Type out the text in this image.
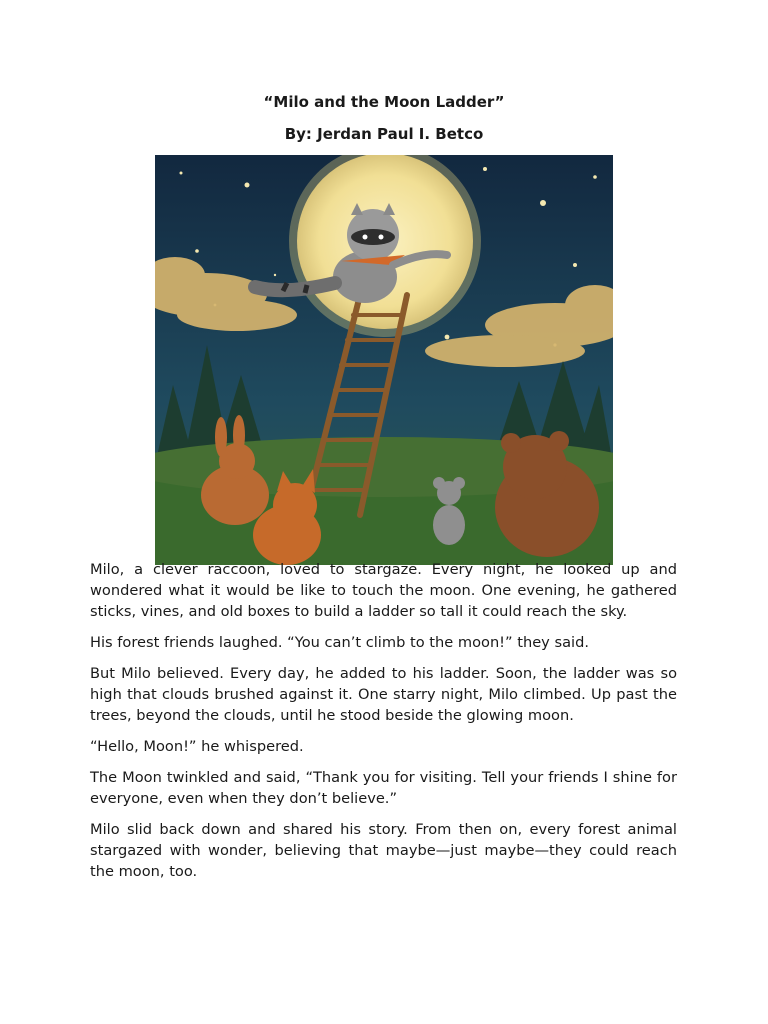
“Milo and the Moon Ladder”
By: Jerdan Paul I. Betco

Milo, a clever raccoon, loved to stargaze. Every night, he looked up and wondered what it would be like to touch the moon. One evening, he gathered sticks, vines, and old boxes to build a ladder so tall it could reach the sky.

His forest friends laughed. “You can’t climb to the moon!” they said.

But Milo believed. Every day, he added to his ladder. Soon, the ladder was so high that clouds brushed against it. One starry night, Milo climbed. Up past the trees, beyond the clouds, until he stood beside the glowing moon.

“Hello, Moon!” he whispered.

The Moon twinkled and said, “Thank you for visiting. Tell your friends I shine for everyone, even when they don’t believe.”

Milo slid back down and shared his story. From then on, every forest animal stargazed with wonder, believing that maybe—just maybe—they could reach the moon, too.
